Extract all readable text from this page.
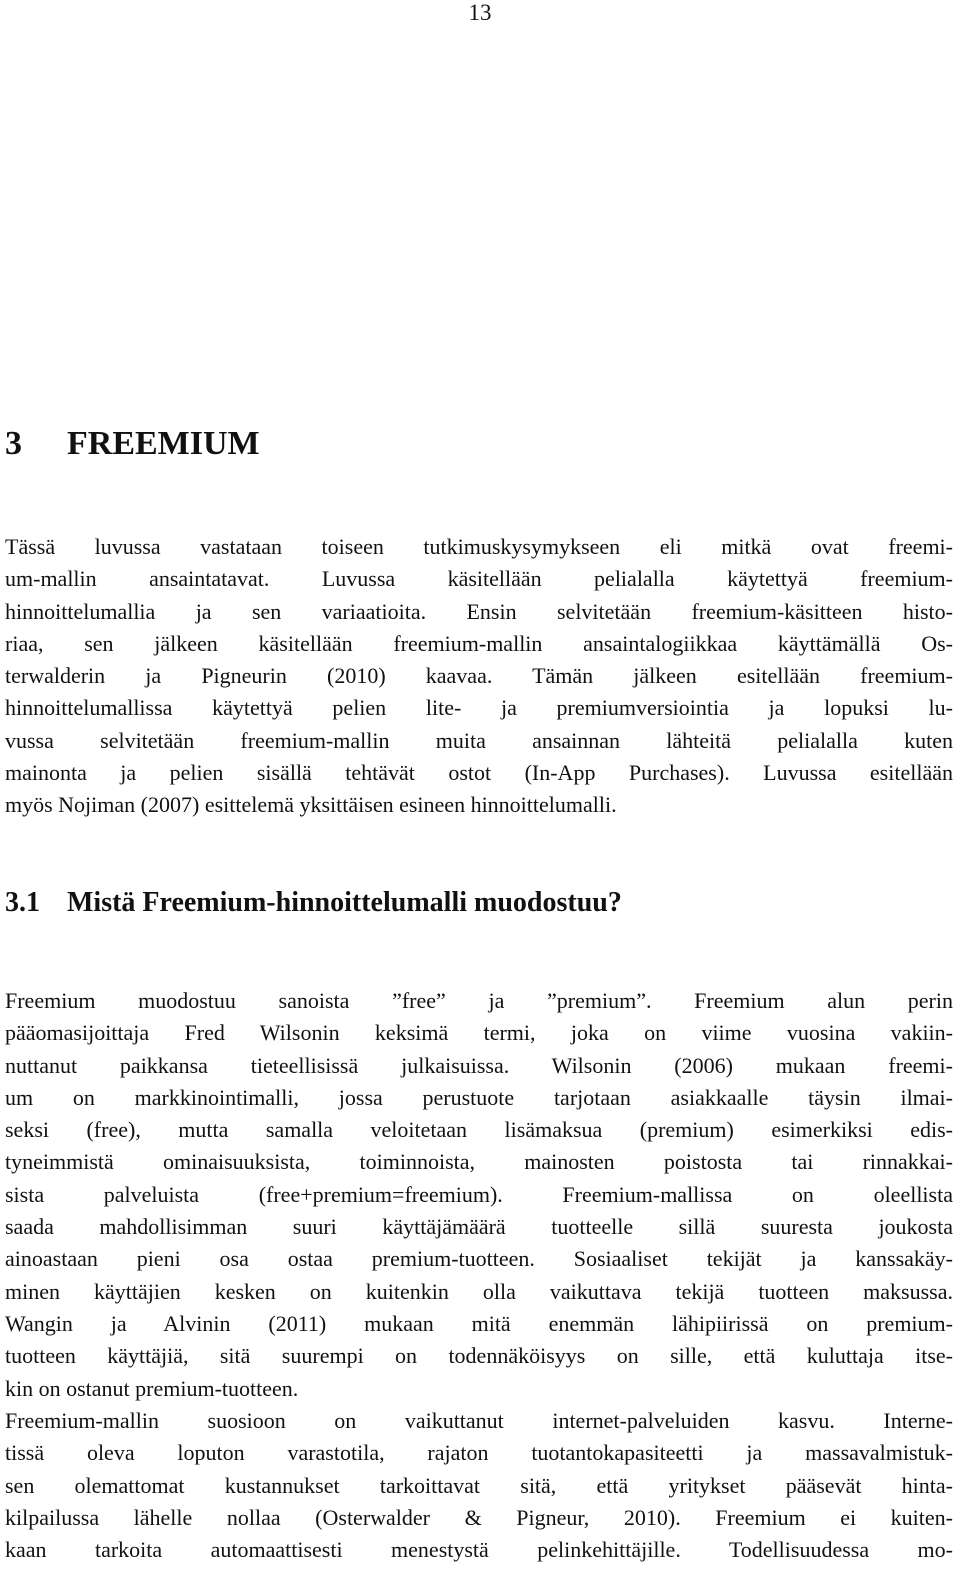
13
3 FREEMIUM

Tässä luvussa vastataan toiseen tutkimuskysymykseen eli mitkä ovat freemi-
um-mallin ansaintatavat. Luvussa käsitellään pelialalla käytettyä freemium-
hinnoittelumallia ja sen variaatioita. Ensin selvitetään freemium-käsitteen histo-
riaa, sen jälkeen käsitellään freemium-mallin ansaintalogiikkaa käyttämällä Os-
terwalderin ja Pigneurin (2010) kaavaa. Tämän jälkeen esitellään freemium-
hinnoittelumallissa käytettyä pelien lite- ja premiumversiointia ja lopuksi lu-
vussa selvitetään freemium-mallin muita ansainnan lähteitä pelialalla kuten
mainonta ja pelien sisällä tehtävät ostot (In-App Purchases). Luvussa esitellään
myös Nojiman (2007) esittelemä yksittäisen esineen hinnoittelumalli.

3.1 Mistä Freemium-hinnoittelumalli muodostuu?

Freemium muodostuu sanoista ”free” ja ”premium”. Freemium alun perin
pääomasijoittaja Fred Wilsonin keksimä termi, joka on viime vuosina vakiin-
nuttanut paikkansa tieteellisissä julkaisuissa. Wilsonin (2006) mukaan freemi-
um on markkinointimalli, jossa perustuote tarjotaan asiakkaalle täysin ilmai-
seksi (free), mutta samalla veloitetaan lisämaksua (premium) esimerkiksi edis-
tyneimmistä ominaisuuksista, toiminnoista, mainosten poistosta tai rinnakkai-
sista palveluista (free+premium=freemium). Freemium-mallissa on oleellista
saada mahdollisimman suuri käyttäjämäärä tuotteelle sillä suuresta joukosta
ainoastaan pieni osa ostaa premium-tuotteen. Sosiaaliset tekijät ja kanssakäy-
minen käyttäjien kesken on kuitenkin olla vaikuttava tekijä tuotteen maksussa.
Wangin ja Alvinin (2011) mukaan mitä enemmän lähipiirissä on premium-
tuotteen käyttäjiä, sitä suurempi on todennäköisyys on sille, että kuluttaja itse-
kin on ostanut premium-tuotteen.

Freemium-mallin suosioon on vaikuttanut internet-palveluiden kasvu. Interne-
tissä oleva loputon varastotila, rajaton tuotantokapasiteetti ja massavalmistuk-
sen olemattomat kustannukset tarkoittavat sitä, että yritykset pääsevät hinta-
kilpailussa lähelle nollaa (Osterwalder & Pigneur, 2010). Freemium ei kuiten-
kaan tarkoita automaattisesti menestystä pelinkehittäjille. Todellisuudessa mo-
